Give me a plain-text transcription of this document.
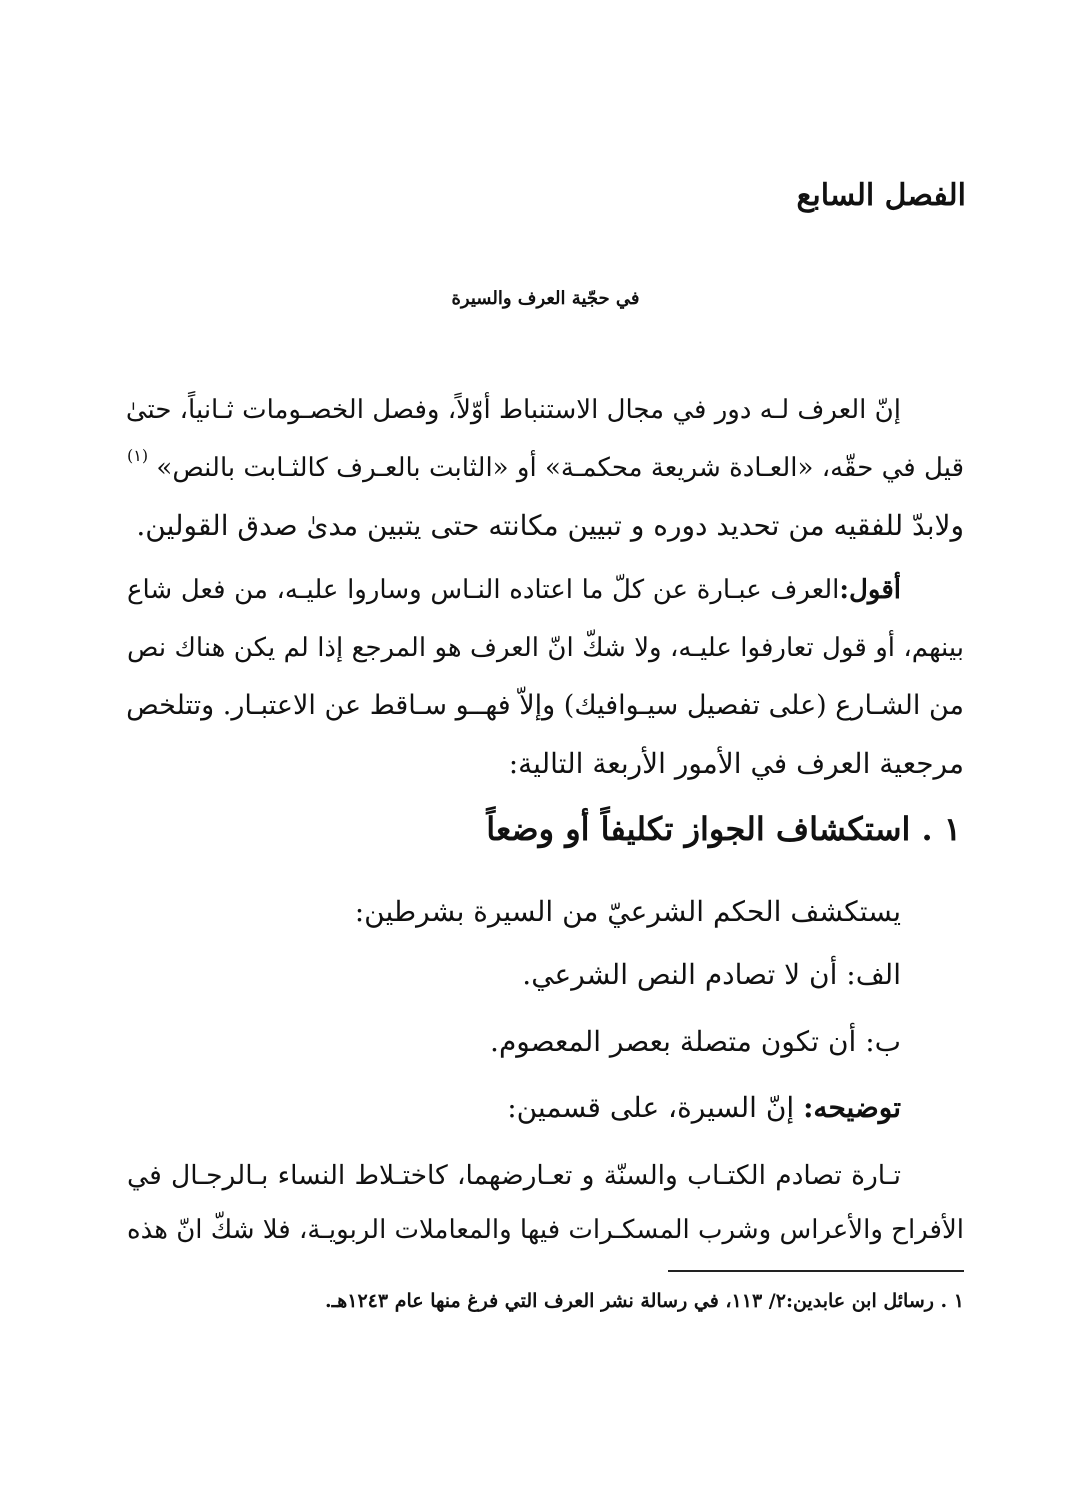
الفصل السابع
في حجّية العرف والسيرة
إنّ العرف لـه دور في مجال الاستنباط أوّلاً، وفصل الخصـومات ثـانياً، حتىٰ
قيل في حقّه، «العـادة شريعة محكمـة» أو «الثابت بالعـرف كالثـابت بالنص» $^{(١)}$
ولابدّ للفقيه من تحديد دوره و تبيين مكانته حتى يتبين مدىٰ صدق القولين.
أقول:العرف عبـارة عن كلّ ما اعتاده النـاس وساروا عليـه، من فعل شاع
بينهم، أو قول تعارفوا عليـه، ولا شكّ انّ العرف هو المرجع إذا لم يكن هناك نص
من الشـارع (على تفصيل سيـوافيك) وإلاّ فهــو سـاقط عن الاعتبـار. وتتلخص
مرجعية العرف في الأمور الأربعة التالية:
١ . استكشاف الجواز تكليفاً أو وضعاً
يستكشف الحكم الشرعيّ من السيرة بشرطين:
الف: أن لا تصادم النص الشرعي.
ب: أن تكون متصلة بعصر المعصوم.
توضيحه: إنّ السيرة، على قسمين:
تـارة تصادم الكتـاب والسنّة و تعـارضهما، كاختـلاط النساء بـالرجـال في
الأفراح والأعراس وشرب المسكـرات فيها والمعاملات الربويـة، فلا شكّ انّ هذه
١ . رسائل ابن عابدين:٢/ ١١٣، في رسالة نشر العرف التي فرغ منها عام ١٢٤٣هـ.
